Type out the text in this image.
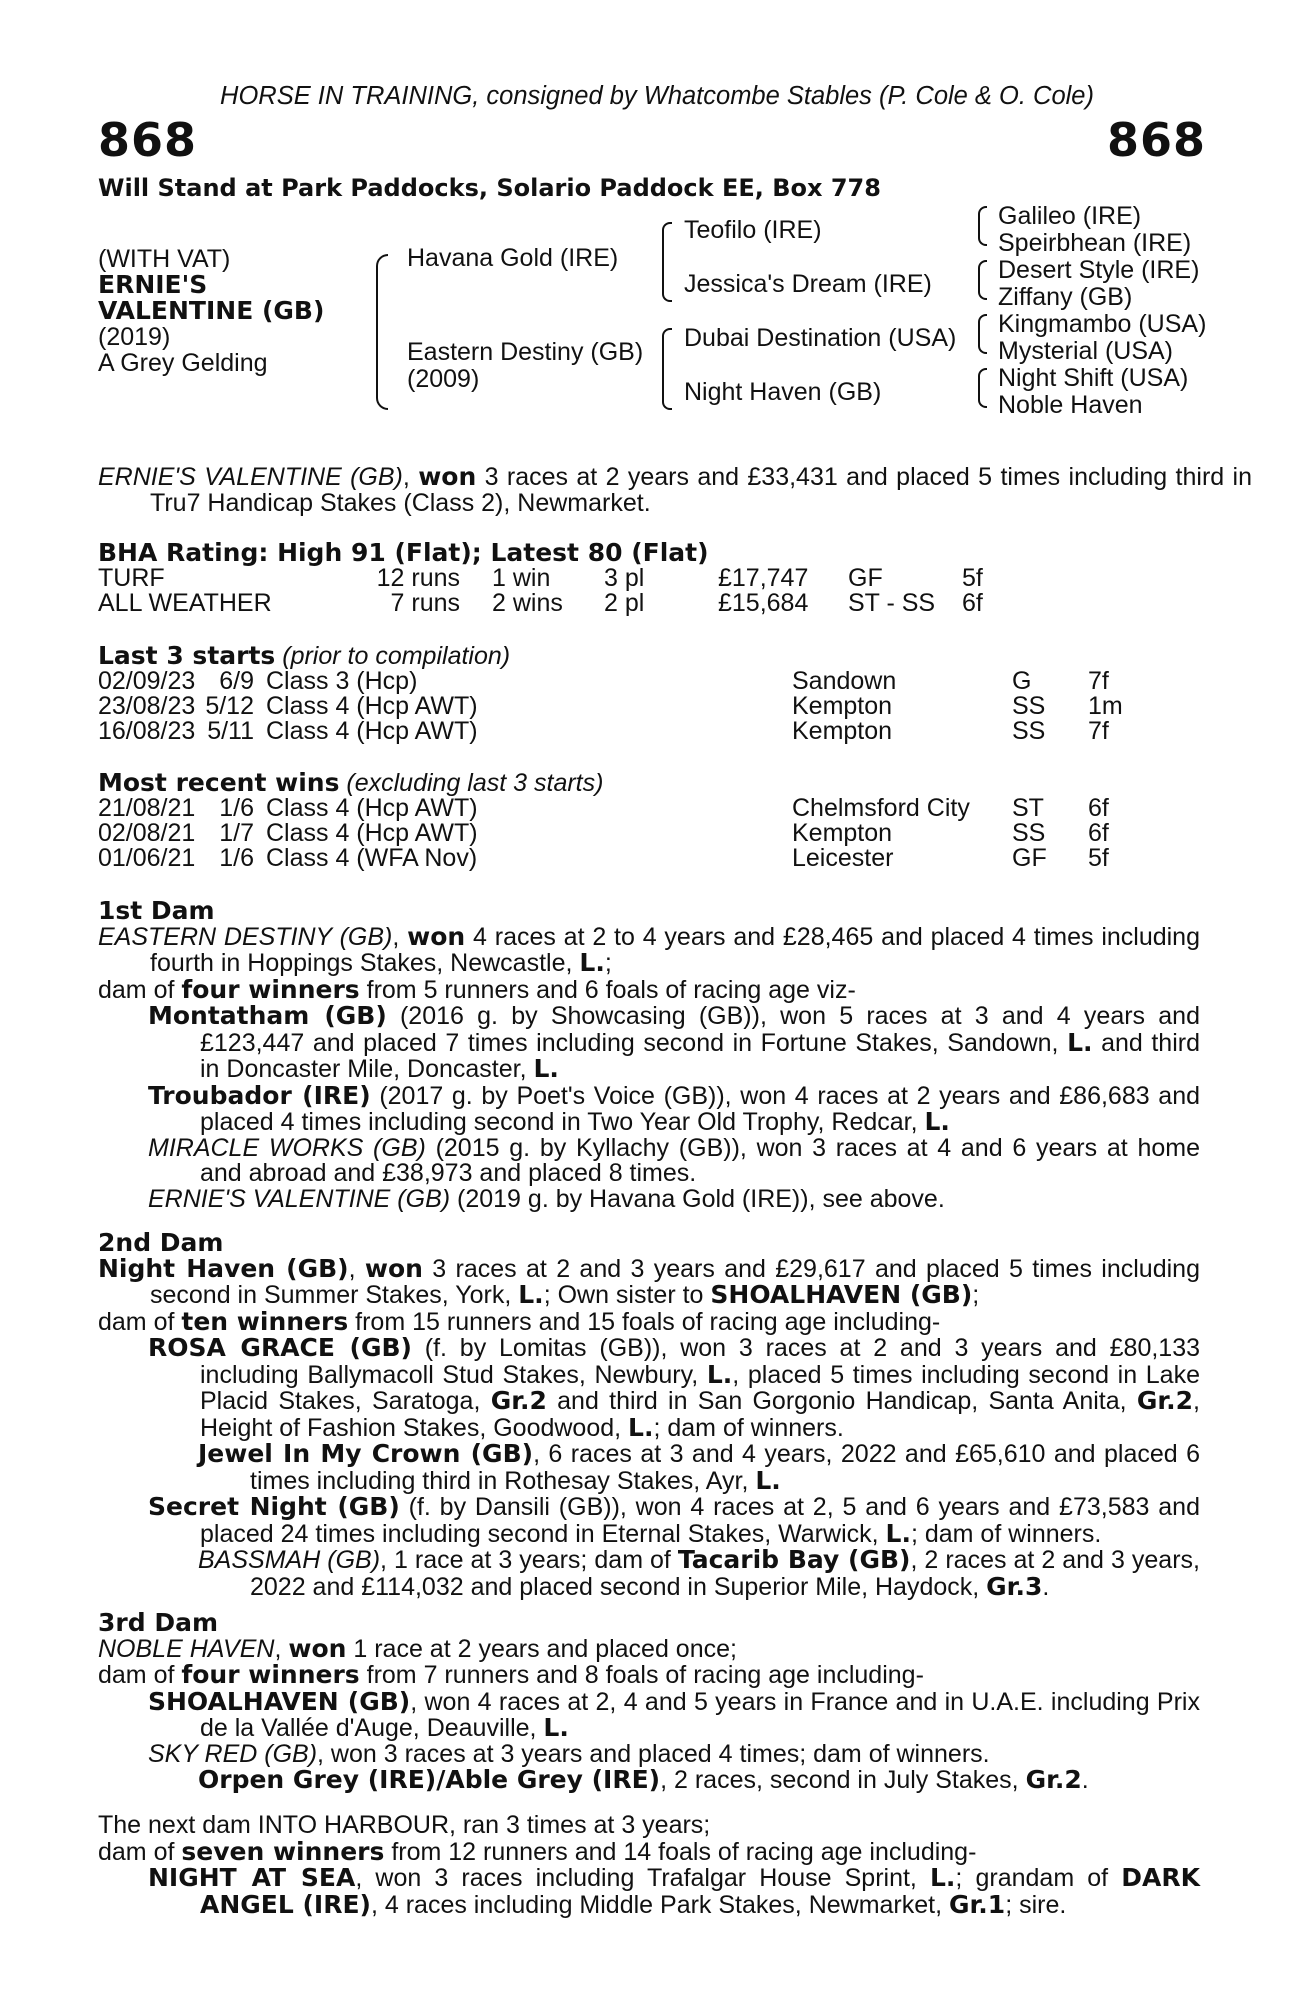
HORSE IN TRAINING, consigned by Whatcombe Stables (P. Cole & O. Cole)
868	868
Will Stand at Park Paddocks, Solario Paddock EE, Box 778
(WITH VAT)
ERNIE'S
VALENTINE (GB)
(2019)
A Grey Gelding
Havana Gold (IRE)
Eastern Destiny (GB)
(2009)
Teofilo (IRE)
Jessica's Dream (IRE)
Dubai Destination (USA)
Night Haven (GB)
Galileo (IRE)
Speirbhean (IRE)
Desert Style (IRE)
Ziffany (GB)
Kingmambo (USA)
Mysterial (USA)
Night Shift (USA)
Noble Haven
ERNIE'S VALENTINE (GB), won 3 races at 2 years and £33,431 and placed 5 times including third in Tru7 Handicap Stakes (Class 2), Newmarket.
BHA Rating: High 91 (Flat); Latest 80 (Flat)
TURF	12 runs	1 win	3 pl	£17,747	GF	5f
ALL WEATHER	7 runs	2 wins	2 pl	£15,684	ST - SS	6f
Last 3 starts (prior to compilation)
02/09/23	6/9	Class 3 (Hcp)	Sandown	G	7f
23/08/23	5/12	Class 4 (Hcp AWT)	Kempton	SS	1m
16/08/23	5/11	Class 4 (Hcp AWT)	Kempton	SS	7f
Most recent wins (excluding last 3 starts)
21/08/21	1/6	Class 4 (Hcp AWT)	Chelmsford City	ST	6f
02/08/21	1/7	Class 4 (Hcp AWT)	Kempton	SS	6f
01/06/21	1/6	Class 4 (WFA Nov)	Leicester	GF	5f

1st Dam

EASTERN DESTINY (GB), won 4 races at 2 to 4 years and £28,465 and placed 4 times including fourth in Hoppings Stakes, Newcastle, L.;

dam of four winners from 5 runners and 6 foals of racing age viz-

Montatham (GB) (2016 g. by Showcasing (GB)), won 5 races at 3 and 4 years and £123,447 and placed 7 times including second in Fortune Stakes, Sandown, L. and third in Doncaster Mile, Doncaster, L.

Troubador (IRE) (2017 g. by Poet's Voice (GB)), won 4 races at 2 years and £86,683 and placed 4 times including second in Two Year Old Trophy, Redcar, L.

MIRACLE WORKS (GB) (2015 g. by Kyllachy (GB)), won 3 races at 4 and 6 years at home and abroad and £38,973 and placed 8 times.

ERNIE'S VALENTINE (GB) (2019 g. by Havana Gold (IRE)), see above.

2nd Dam

Night Haven (GB), won 3 races at 2 and 3 years and £29,617 and placed 5 times including second in Summer Stakes, York, L.; Own sister to SHOALHAVEN (GB);

dam of ten winners from 15 runners and 15 foals of racing age including-

ROSA GRACE (GB) (f. by Lomitas (GB)), won 3 races at 2 and 3 years and £80,133 including Ballymacoll Stud Stakes, Newbury, L., placed 5 times including second in Lake Placid Stakes, Saratoga, Gr.2 and third in San Gorgonio Handicap, Santa Anita, Gr.2, Height of Fashion Stakes, Goodwood, L.; dam of winners.

Jewel In My Crown (GB), 6 races at 3 and 4 years, 2022 and £65,610 and placed 6 times including third in Rothesay Stakes, Ayr, L.

Secret Night (GB) (f. by Dansili (GB)), won 4 races at 2, 5 and 6 years and £73,583 and placed 24 times including second in Eternal Stakes, Warwick, L.; dam of winners.

BASSMAH (GB), 1 race at 3 years; dam of Tacarib Bay (GB), 2 races at 2 and 3 years, 2022 and £114,032 and placed second in Superior Mile, Haydock, Gr.3.

3rd Dam

NOBLE HAVEN, won 1 race at 2 years and placed once;

dam of four winners from 7 runners and 8 foals of racing age including-

SHOALHAVEN (GB), won 4 races at 2, 4 and 5 years in France and in U.A.E. including Prix de la Vallée d'Auge, Deauville, L.

SKY RED (GB), won 3 races at 3 years and placed 4 times; dam of winners.

Orpen Grey (IRE)/Able Grey (IRE), 2 races, second in July Stakes, Gr.2.

The next dam INTO HARBOUR, ran 3 times at 3 years;

dam of seven winners from 12 runners and 14 foals of racing age including-

NIGHT AT SEA, won 3 races including Trafalgar House Sprint, L.; grandam of DARK ANGEL (IRE), 4 races including Middle Park Stakes, Newmarket, Gr.1; sire.
